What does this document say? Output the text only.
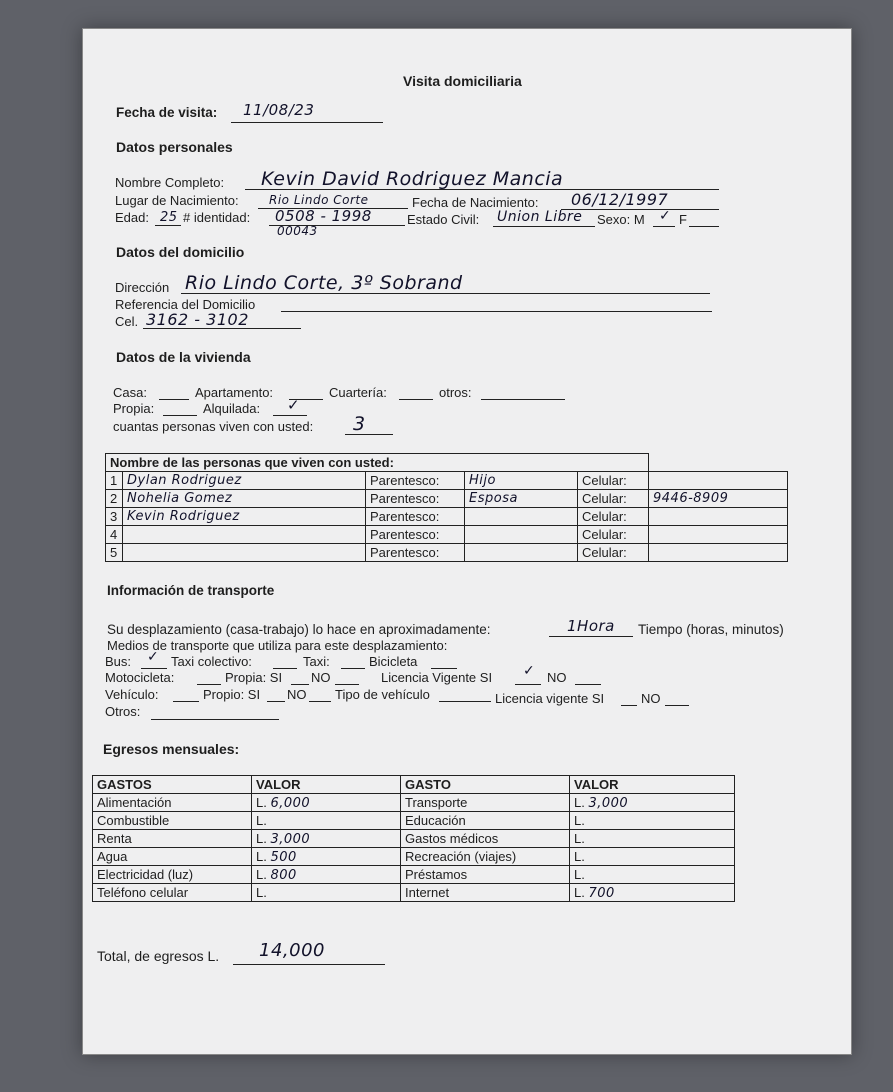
Visita domiciliaria
Fecha de visita: 11/08/23
Datos personales
Nombre Completo: Kevin David Rodriguez Mancia
Lugar de Nacimiento:	Rio Lindo Corte	Fecha de Nacimiento: 06/12/1997
Edad: 25 # identidad: 0508 - 1998
00043
Estado Civil: Union Libre Sexo: M ✓ F
Datos del domicilio
Dirección Rio Lindo Corte, 3º Sobrand
Referencia del Domicilio
Cel. 3162 - 3102
Datos de la vivienda
Casa:	Apartamento:	Cuartería:	otros:
Propia:	Alquilada: ✓
cuantas personas viven con usted: 3
Nombre de las personas que viven con usted:					
1	Dylan Rodriguez	Parentesco:	Hijo	Celular:	
2	Nohelia Gomez	Parentesco:	Esposa	Celular:	9446-8909
3	Kevin Rodriguez	Parentesco:		Celular:	
4		Parentesco:		Celular:	
5		Parentesco:		Celular:	
Información de transporte
Su desplazamiento (casa-trabajo) lo hace en aproximadamente:	1Hora Tiempo (horas, minutos)
Medios de transporte que utiliza para este desplazamiento:
Bus: ✓ Taxi colectivo:	Taxi:	Bicicleta
Motocicleta:	Propia: SI NO	Licencia Vigente SI ✓ NO
Vehículo:	Propio: SI NO Tipo de vehículo	Licencia vigente SI	NO
Otros:
Egresos mensuales:
GASTOS	VALOR	GASTO	VALOR
Alimentación	L. 6,000	Transporte	L. 3,000
Combustible	L.	Educación	L.
Renta	L. 3,000	Gastos médicos	L.
Agua	L. 500	Recreación (viajes)	L.
Electricidad (luz)	L. 800	Préstamos	L.
Teléfono celular	L.	Internet	L. 700
Total, de egresos L. 14,000
